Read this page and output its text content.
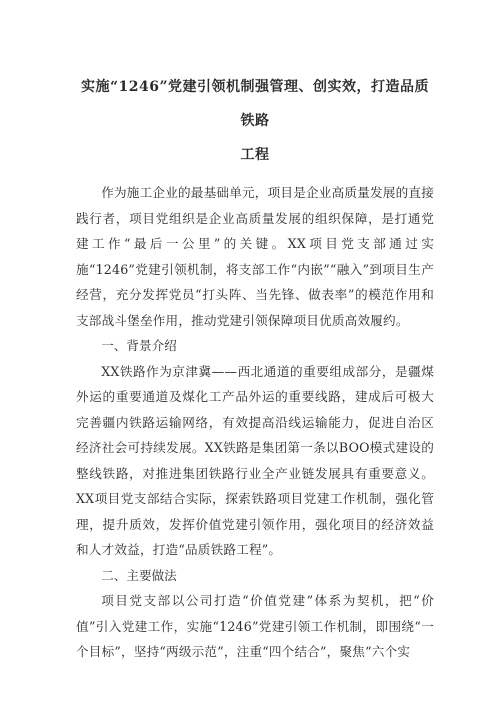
实施“1246”党建引领机制强管理、创实效，打造品质铁路
工程

作为施工企业的最基础单元，项目是企业高质量发展的直接践行者，项目党组织是企业高质量发展的组织保障，是打通党建工作“最后一公里”的关键。XX项目党支部通过实施“1246”党建引领机制，将支部工作“内嵌”“融入”到项目生产经营，充分发挥党员“打头阵、当先锋、做表率”的模范作用和支部战斗堡垒作用，推动党建引领保障项目优质高效履约。

一、背景介绍

XX铁路作为京津冀——西北通道的重要组成部分，是疆煤外运的重要通道及煤化工产品外运的重要线路，建成后可极大完善疆内铁路运输网络，有效提高沿线运输能力，促进自治区经济社会可持续发展。XX铁路是集团第一条以BOO模式建设的整线铁路，对推进集团铁路行业全产业链发展具有重要意义。XX项目党支部结合实际，探索铁路项目党建工作机制，强化管理，提升质效，发挥价值党建引领作用，强化项目的经济效益和人才效益，打造“品质铁路工程”。

二、主要做法

项目党支部以公司打造“价值党建”体系为契机，把“价值”引入党建工作，实施“1246”党建引领工作机制，即围绕“一个目标”，坚持“两级示范”，注重“四个结合”，聚焦“六个实
